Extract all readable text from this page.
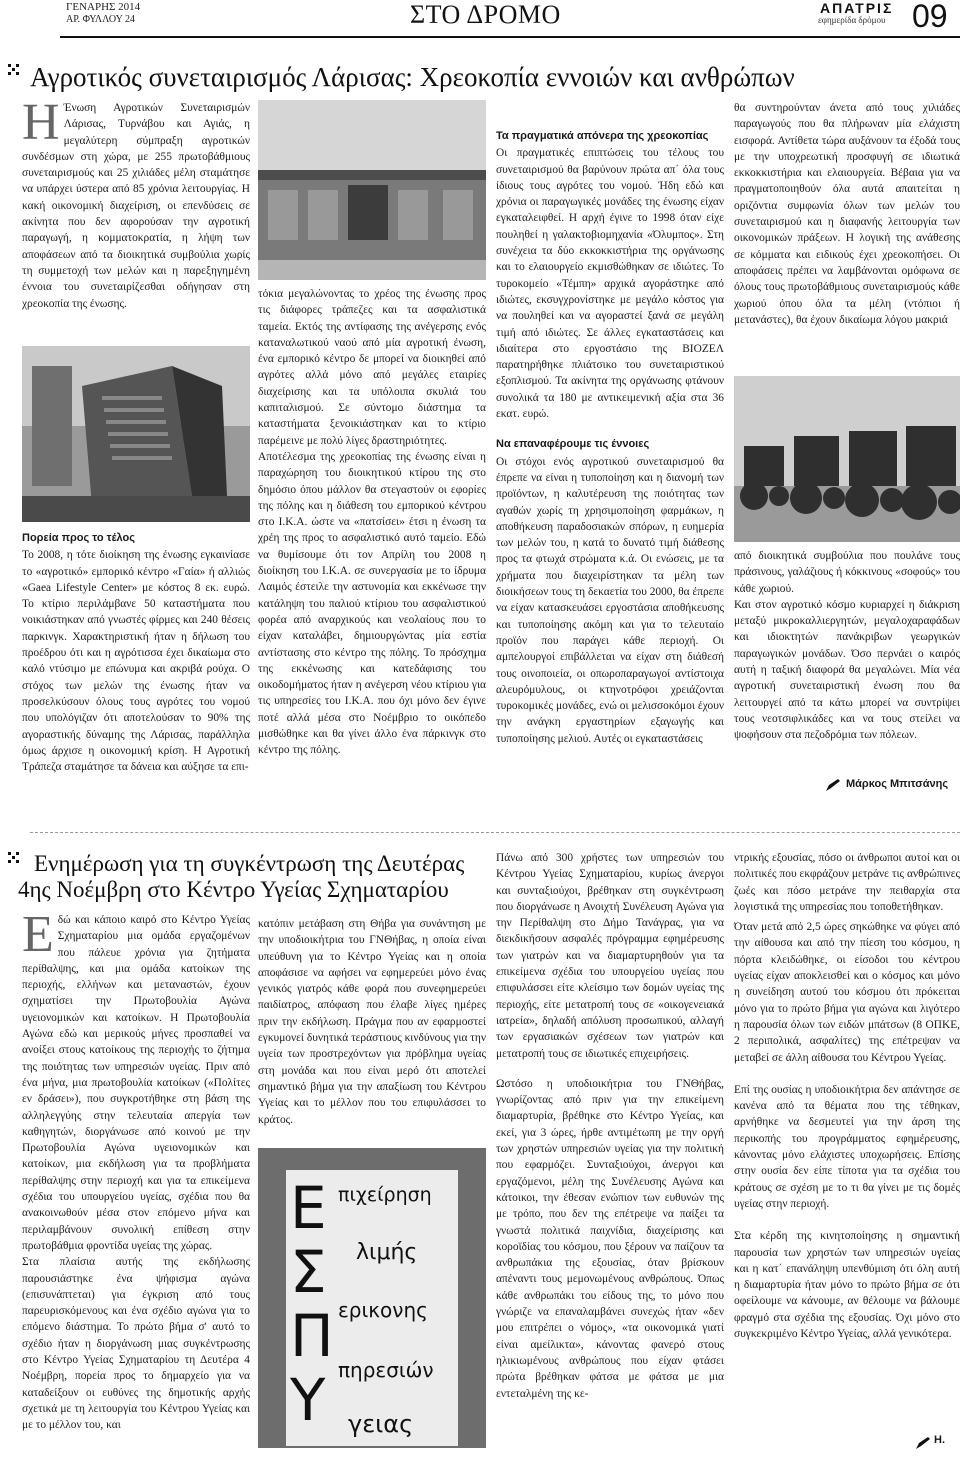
ΓΕΝΑΡΗΣ 2014
ΑΡ. ΦΥΛΛΟΥ 24	ΣΤΟ ΔΡΟΜΟ	ΑΠΑΤΡΙΣ
εφημερίδα δρόμου 09
Αγροτικός συνεταιρισμός Λάρισας: Χρεοκοπία εννοιών και ανθρώπων
Η Ένωση Αγροτικών Συνεταιρισμών Λάρισας, Τυρνάβου και Αγιάς, η μεγαλύτερη σύμπραξη αγροτικών συνδέσμων στη χώρα, με 255 πρωτοβάθμιους συνεταιρισμούς και 25 χιλιάδες μέλη σταμάτησε να υπάρχει ύστερα από 85 χρόνια λειτουργίας. Η κακή οικονομική διαχείριση, οι επενδύσεις σε ακίνητα που δεν αφορούσαν την αγροτική παραγωγή, η κομματοκρατία, η λήψη των αποφάσεων από τα διοικητικά συμβούλια χωρίς τη συμμετοχή των μελών και η παρεξηγημένη έννοια του συνεταιρίζεσθαι οδήγησαν στη χρεοκοπία της ένωσης.

Πορεία προς το τέλος

Το 2008, η τότε διοίκηση της ένωσης εγκαινίασε το «αγροτικό» εμπορικό κέντρο «Γαία» ή αλλιώς «Gaea Lifestyle Center» με κόστος 8 εκ. ευρώ. Το κτίριο περιλάμβανε 50 καταστήματα που νοικιάστηκαν από γνωστές φίρμες και 240 θέσεις παρκινγκ. Χαρακτηριστική ήταν η δήλωση του προέδρου ότι και η αγρότισσα έχει δικαίωμα στο καλό ντύσιμο με επώνυμα και ακριβά ρούχα. Ο στόχος των μελών της ένωσης ήταν να προσελκύσουν όλους τους αγρότες του νομού που υπολόγιζαν ότι αποτελούσαν το 90% της αγοραστικής δύναμης της Λάρισας, παράλληλα όμως άρχισε η οικονομική κρίση. Η Αγροτική Τράπεζα σταμάτησε τα δάνεια και αύξησε τα επι-

τόκια μεγαλώνοντας το χρέος της ένωσης προς τις διάφορες τράπεζες και τα ασφαλιστικά ταμεία. Εκτός της αντίφασης της ανέγερσης ενός καταναλωτικού ναού από μία αγροτική ένωση, ένα εμπορικό κέντρο δε μπορεί να διοικηθεί από αγρότες αλλά μόνο από μεγάλες εταιρίες διαχείρισης και τα υπόλοιπα σκυλιά του καπιταλισμού. Σε σύντομο διάστημα τα καταστήματα ξενοικιάστηκαν και το κτίριο παρέμεινε με πολύ λίγες δραστηριότητες.

Αποτέλεσμα της χρεοκοπίας της ένωσης είναι η παραχώρηση του διοικητικού κτίρου της στο δημόσιο όπου μάλλον θα στεγαστούν οι εφορίες της πόλης και η διάθεση του εμπορικού κέντρου στο Ι.Κ.Α. ώστε να «πατσίσει» έτσι η ένωση τα χρέη της προς το ασφαλιστικό αυτό ταμείο. Εδώ να θυμίσουμε ότι τον Απρίλη του 2008 η διοίκηση του Ι.Κ.Α. σε συνεργασία με το ίδρυμα Λαιμός έστειλε την αστυνομία και εκκένωσε την κατάληψη του παλιού κτίριου του ασφαλιστικού φορέα από αναρχικούς και νεολαίους που το είχαν καταλάβει, δημιουργώντας μία εστία αντίστασης στο κέντρο της πόλης. Το πρόσχημα της εκκένωσης και κατεδάφισης του οικοδομήματος ήταν η ανέγερση νέου κτίριου για τις υπηρεσίες του Ι.Κ.Α. που όχι μόνο δεν έγινε ποτέ αλλά μέσα στο Νοέμβριο το οικόπεδο μισθώθηκε και θα γίνει άλλο ένα πάρκινγκ στο κέντρο της πόλης.

Τα πραγματικά απόνερα της χρεοκοπίας

Οι πραγματικές επιπτώσεις του τέλους του συνεταιρισμού θα βαρύνουν πρώτα απ΄ όλα τους ίδιους τους αγρότες του νομού. Ήδη εδώ και χρόνια οι παραγωγικές μονάδες της ένωσης είχαν εγκαταλειφθεί. Η αρχή έγινε το 1998 όταν είχε πουληθεί η γαλακτοβιομηχανία «Όλυμπος». Στη συνέχεια τα δύο εκκοκκιστήρια της οργάνωσης και το ελαιουργείο εκμισθώθηκαν σε ιδιώτες. Το τυροκομείο «Τέμπη» αρχικά αγοράστηκε από ιδιώτες, εκσυγχρονίστηκε με μεγάλο κόστος για να πουληθεί και να αγοραστεί ξανά σε μεγάλη τιμή από ιδιώτες. Σε άλλες εγκαταστάσεις και ιδιαίτερα στο εργοστάσιο της ΒΙΟΖΕΛ παρατηρήθηκε πλιάτσικο του συνεταιριστικού εξοπλισμού. Τα ακίνητα της οργάνωσης φτάνουν συνολικά τα 180 με αντικειμενική αξία στα 36 εκατ. ευρώ.

Να επαναφέρουμε τις έννοιες

Οι στόχοι ενός αγροτικού συνεταιρισμού θα έπρεπε να είναι η τυποποίηση και η διανομή των προϊόντων, η καλυτέρευση της ποιότητας των αγαθών χωρίς τη χρησιμοποίηση φαρμάκων, η αποθήκευση παραδοσιακών σπόρων, η ευημερία των μελών του, η κατά το δυνατό τιμή διάθεσης προς τα φτωχά στρώματα κ.ά. Οι ενώσεις, με τα χρήματα που διαχειρίστηκαν τα μέλη των διοικήσεων τους τη δεκαετία του 2000, θα έπρεπε να είχαν κατασκευάσει εργοστάσια αποθήκευσης και τυποποίησης ακόμη και για το τελευταίο προϊόν που παράγει κάθε περιοχή. Οι αμπελουργοί επιβάλλεται να είχαν στη διάθεσή τους οινοποιεία, οι οπωροπαραγωγοί αντίστοιχα αλευρόμυλους, οι κτηνοτρόφοι χρειάζονται τυροκομικές μονάδες, ενώ οι μελισσοκόμοι έχουν την ανάγκη εργαστηρίων εξαγωγής και τυποποίησης μελιού. Αυτές οι εγκαταστάσεις

θα συντηρούνταν άνετα από τους χιλιάδες παραγωγούς που θα πλήρωναν μία ελάχιστη εισφορά. Αντίθετα τώρα αυξάνουν τα έξοδά τους με την υποχρεωτική προσφυγή σε ιδιωτικά εκκοκκιστήρια και ελαιουργεία. Βέβαια για να πραγματοποιηθούν όλα αυτά απαιτείται η οριζόντια συμφωνία όλων των μελών του συνεταιρισμού και η διαφανής λειτουργία των οικονομικών πράξεων. Η λογική της ανάθεσης σε κόμματα και ειδικούς έχει χρεοκοπήσει. Οι αποφάσεις πρέπει να λαμβάνονται ομόφωνα σε όλους τους πρωτοβάθμιους συνεταιρισμούς κάθε χωριού όπου όλα τα μέλη (ντόπιοι ή μετανάστες), θα έχουν δικαίωμα λόγου μακριά

από διοικητικά συμβούλια που πουλάνε τους πράσινους, γαλάζιους ή κόκκινους «σοφούς» του κάθε χωριού.

Και στον αγροτικό κόσμο κυριαρχεί η διάκριση μεταξύ μικροκαλλιεργητών, μεγαλοχαραφάδων και ιδιοκτητών πανάκριβων γεωργικών παραγωγικών μονάδων. Όσο περνάει ο καιρός αυτή η ταξική διαφορά θα μεγαλώνει. Μία νέα αγροτική συνεταιριστική ένωση που θα λειτουργεί από τα κάτω μπορεί να συντρίψει τους νεοτσιφλικάδες και να τους στείλει να ψοφήσουν στα πεζοδρόμια των πόλεων.

Μάρκος Μπιτσάνης
Ενημέρωση για τη συγκέντρωση της Δευτέρας
4ης Νοέμβρη στο Κέντρο Υγείας Σχηματαρίου
Ε δώ και κάποιο καιρό στο Κέντρο Υγείας Σχηματαρίου μια ομάδα εργαζομένων που πάλευε χρόνια για ζητήματα περίθαλψης, και μια ομάδα κατοίκων της περιοχής, ελλήνων και μεταναστών, έχουν σχηματίσει την Πρωτοβουλία Αγώνα υγειονομικών και κατοίκων. Η Πρωτοβουλία Αγώνα εδώ και μερικούς μήνες προσπαθεί να ανοίξει στους κατοίκους της περιοχής το ζήτημα της ποιότητας των υπηρεσιών υγείας. Πριν από ένα μήνα, μια πρωτοβουλία κατοίκων («Πολίτες εν δράσει»), που συγκροτήθηκε στη βάση της αλληλεγγύης στην τελευταία απεργία των καθηγητών, διοργάνωσε από κοινού με την Πρωτοβουλία Αγώνα υγειονομικών και κατοίκων, μια εκδήλωση για τα προβλήματα περίθαλψης στην περιοχή και για τα επικείμενα σχέδια του υπουργείου υγείας, σχέδια που θα ανακοινωθούν μέσα στον επόμενο μήνα και περιλαμβάνουν συνολική επίθεση στην πρωτοβάθμια φροντίδα υγείας της χώρας.

Στα πλαίσια αυτής της εκδήλωσης παρουσιάστηκε ένα ψήφισμα αγώνα (επισυνάπτεται) για έγκριση από τους παρευρισκόμενους και ένα σχέδιο αγώνα για το επόμενο διάστημα. Το πρώτο βήμα σ' αυτό το σχέδιο ήταν η διοργάνωση μιας συγκέντρωσης στο Κέντρο Υγείας Σχηματαρίου τη Δευτέρα 4 Νοέμβρη, πορεία προς το δημαρχείο για να καταδείξουν οι ευθύνες της δημοτικής αρχής σχετικά με τη λειτουργία του Κέντρου Υγείας και με το μέλλον του, και

κατόπιν μετάβαση στη Θήβα για συνάντηση με την υποδιοικήτρια του ΓΝΘήβας, η οποία είναι υπεύθυνη για το Κέντρο Υγείας και η οποία απoφάσισε να αφήσει να εφημερεύει μόνο ένας γενικός γιατρός κάθε φορά που συνεφημερεύει παιδίατρος, απόφαση που έλαβε λίγες ημέρες πριν την εκδήλωση. Πράγμα που αν εφαρμοστεί εγκυμονεί δυνητικά τεράστιους κινδύνους για την υγεία των προστρεχόντων για πρόβλημα υγείας στη μονάδα και που είναι μερό ότι αποτελεί σημαντικό βήμα για την απαξίωση του Κέντρου Υγείας και το μέλλον που του επιφυλάσσει το κράτος.

ΕΣΠΥ
πιχείρηση
λιμής
ερικονης
πηρεσιών
γειας

Πάνω από 300 χρήστες των υπηρεσιών του Κέντρου Υγείας Σχηματαρίου, κυρίως άνεργοι και συνταξιούχοι, βρέθηκαν στη συγκέντρωση που διοργάνωσε η Ανοιχτή Συνέλευση Αγώνα για την Περίθαλψη στο Δήμο Τανάγρας, για να διεκδικήσουν ασφαλές πρόγραμμα εφημέρευσης των γιατρών και να διαμαρτυρηθούν για τα επικείμενα σχέδια του υπουργείου υγείας που επιφυλάσσει είτε κλείσιμο των δομών υγείας της περιοχής, είτε μετατροπή τους σε «οικογενειακά ιατρεία», δηλαδή απόλυση προσωπικού, αλλαγή των εργασιακών σχέσεων των γιατρών και μετατροπή τους σε ιδιωτικές επιχειρήσεις.

Ωστόσο η υποδιοικήτρια του ΓΝΘήβας, γνωρίζοντας από πριν για την επικείμενη διαμαρτυρία, βρέθηκε στο Κέντρο Υγείας, και εκεί, για 3 ώρες, ήρθε αντιμέτωπη με την οργή των χρηστών υπηρεσιών υγείας για την πολιτική που εφαρμόζει. Συνταξιούχοι, άνεργοι και εργαζόμενοι, μέλη της Συνέλευσης Αγώνα και κάτοικοι, την έθεσαν ενώπιον των ευθυνών της με τρόπο, που δεν της επέτρεψε να παίξει τα γνωστά πολιτικά παιχνίδια, διαχείρισης και κοροϊδίας του κόσμου, που ξέρουν να παίζουν τα ανθρωπάκια της εξουσίας, όταν βρίσκουν απέναντι τους μεμονωμένους ανθρώπους. Όπως κάθε ανθρωπάκι του είδους της, το μόνο που γνώριζε να επαναλαμβάνει συνεχώς ήταν «δεν μου επιτρέπει ο νόμος», «τα οικονομικά γιατί είναι αμείλικτα», κάνοντας φανερό στους ηλικιωμένους ανθρώπους που είχαν φτάσει πρώτα βρέθηκαν φάτσα με φάτσα με μια εντεταλμένη της κε-

ντρικής εξουσίας, πόσο οι άνθρωποι αυτοί και οι πολιτικές που εκφράζουν μετράνε τις ανθρώπινες ζωές και πόσο μετράνε την πειθαρχία στα λογιστικά της υπηρεσίας που τοποθετήθηκαν.

Όταν μετά από 2,5 ώρες σηκώθηκε να φύγει από την αίθουσα και από την πίεση του κόσμου, η πόρτα κλειδώθηκε, οι είσοδοι του κέντρου υγείας είχαν αποκλεισθεί και ο κόσμος και μόνο η συνείδηση αυτού του κόσμου ότι πρόκειται μόνο για το πρώτο βήμα για αγώνα και λιγότερο η παρουσία όλων των ειδών μπάτσων (8 ΟΠΚΕ, 2 περιπολικά, ασφαλίτες) της επέτρεψαν να μεταβεί σε άλλη αίθουσα του Κέντρου Υγείας.

Επί της ουσίας η υποδιοικήτρια δεν απάντησε σε κανένα από τα θέματα που της τέθηκαν, αρνήθηκε να δεσμευτεί για την άρση της περικοπής του προγράμματος εφημέρευσης, κάνοντας μόνο ελάχιστες υποχωρήσεις. Επίσης στην ουσία δεν είπε τίποτα για τα σχέδια του κράτους σε σχέση με το τι θα γίνει με τις δομές υγείας στην περιοχή.

Στα κέρδη της κινητοποίησης η σημαντική παρουσία των χρηστών των υπηρεσιών υγείας και η κατ΄ επανάληψη υπενθύμιση ότι όλη αυτή η διαμαρτυρία ήταν μόνο το πρώτο βήμα σε ότι οφείλουμε να κάνουμε, αν θέλουμε να βάλουμε φραγμό στα σχέδια της εξουσίας. Όχι μόνο στο συγκεκριμένο Κέντρο Υγείας, αλλά γενικότερα.

Η.
